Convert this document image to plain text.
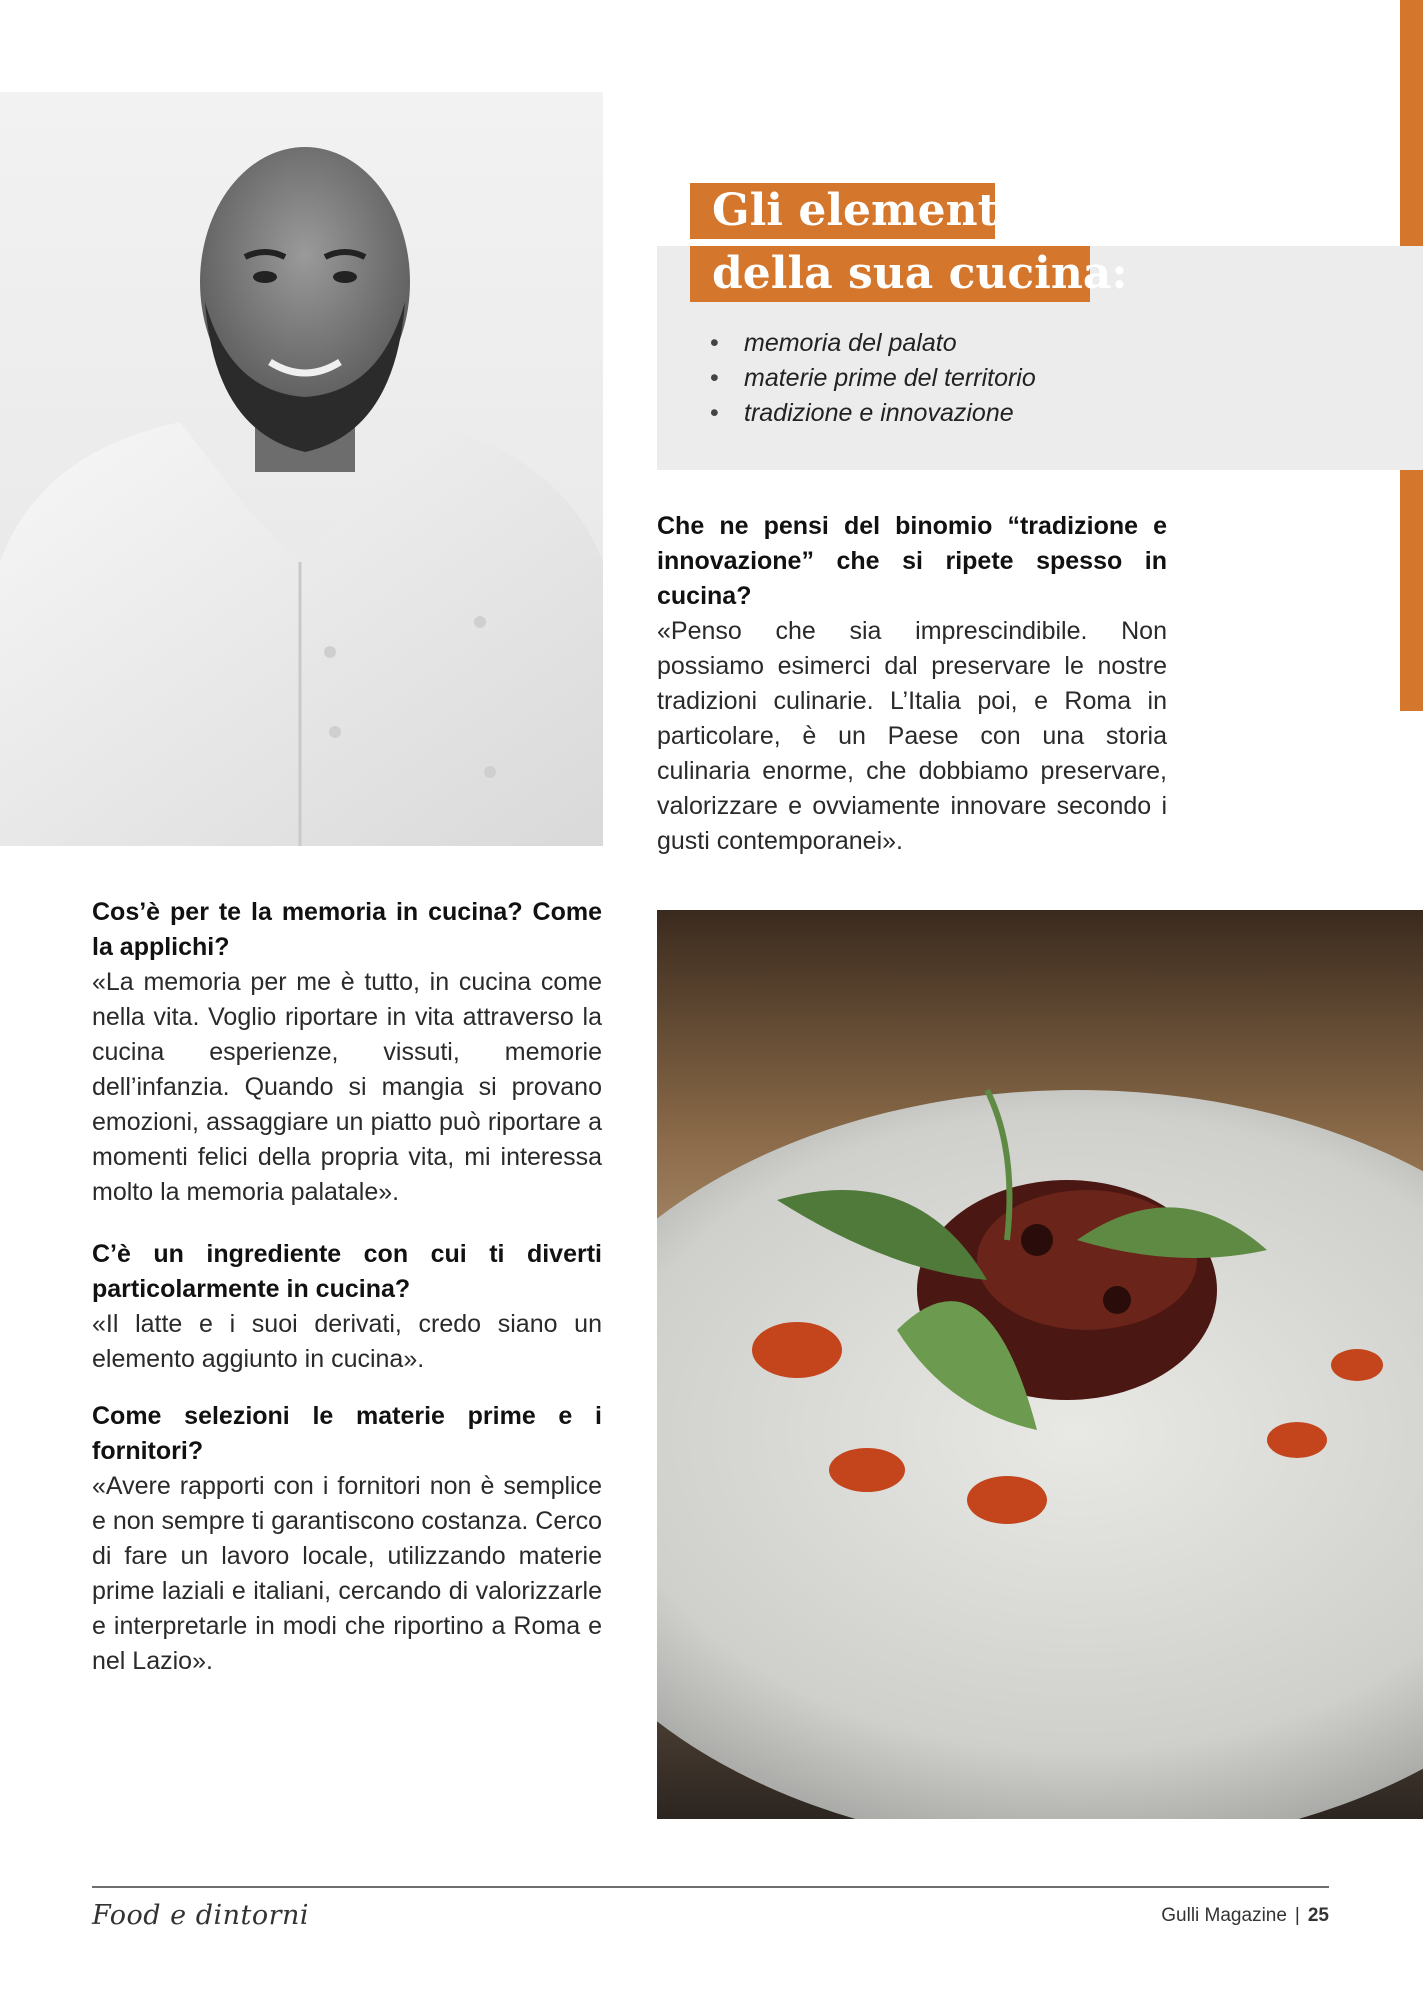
Gli elementi
della sua cucina:
• memoria del palato
• materie prime del territorio
• tradizione e innovazione

Che ne pensi del binomio “tradizione e innovazione” che si ripete spesso in cucina?

«Penso che sia imprescindibile. Non possiamo esimerci dal preservare le nostre tradizioni culinarie. L’Italia poi, e Roma in particolare, è un Paese con una storia culinaria enorme, che dobbiamo preservare, valorizzare e ovviamente innovare secondo i gusti contemporanei».

Cos’è per te la memoria in cucina? Come la applichi?

«La memoria per me è tutto, in cucina come nella vita. Voglio riportare in vita attraverso la cucina esperienze, vissuti, memorie dell’infanzia. Quando si mangia si provano emozioni, assaggiare un piatto può riportare a momenti felici della propria vita, mi interessa molto la memoria palatale».

C’è un ingrediente con cui ti diverti particolarmente in cucina?

«Il latte e i suoi derivati, credo siano un elemento aggiunto in cucina».

Come selezioni le materie prime e i fornitori?

«Avere rapporti con i fornitori non è semplice e non sempre ti garantiscono costanza. Cerco di fare un lavoro locale, utilizzando materie prime laziali e italiani, cercando di valorizzarle e interpretarle in modi che riportino a Roma e nel Lazio».

Food e dintorni	Gulli Magazine | 25
